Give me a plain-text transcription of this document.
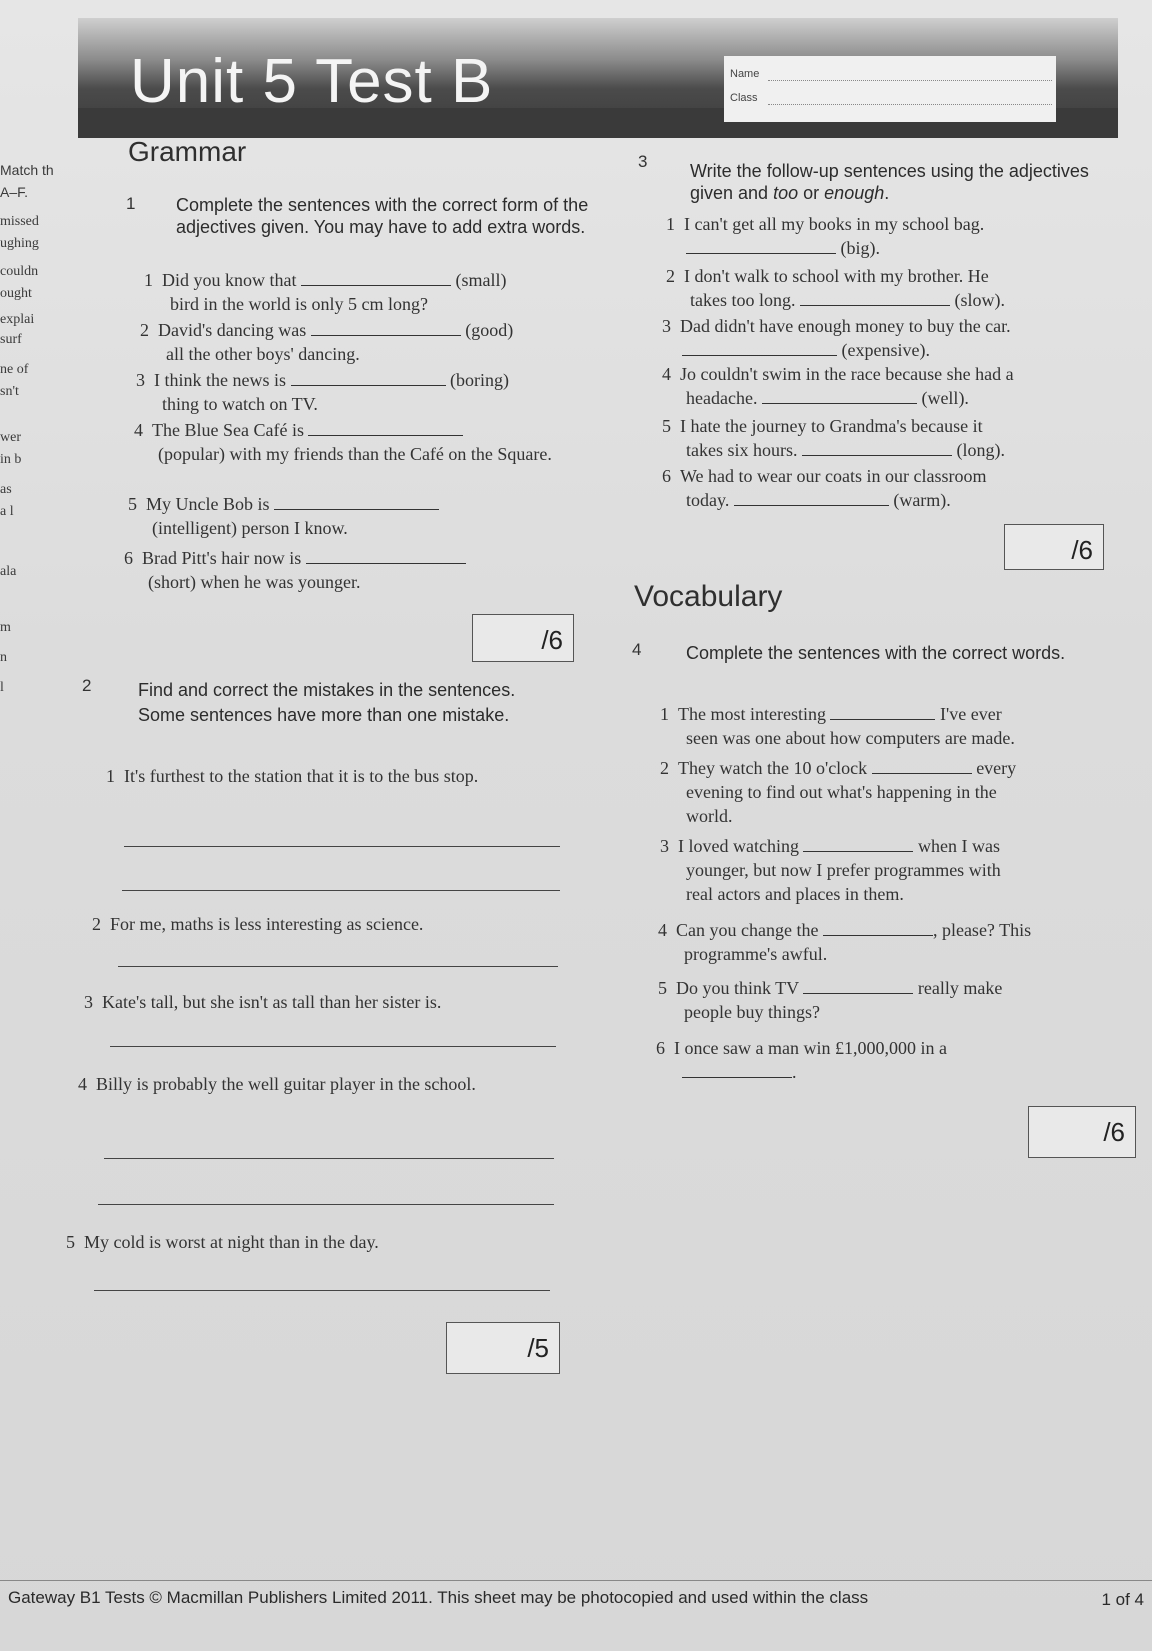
Unit 5 Test B	Name
Class
Match th
A–F.
missed
ughing
couldn
ought
explai
surf
ne of
sn't
wer
in b
as
a l
ala
m
n
l
Grammar
1 Complete the sentences with the correct form of the adjectives given. You may have to add extra words.
1 Did you know that	(small)
bird in the world is only 5 cm long?
2 David's dancing was	(good)
all the other boys' dancing.
3 I think the news is	(boring)
thing to watch on TV.
4 The Blue Sea Café is
(popular) with my friends than the Café on the Square.
5 My Uncle Bob is
(intelligent) person I know.
6 Brad Pitt's hair now is
(short) when he was younger.
/6
2	Find and correct the mistakes in the sentences. Some sentences have more than one mistake.
1 It's furthest to the station that it is to the bus stop.
2 For me, maths is less interesting as science.
3 Kate's tall, but she isn't as tall than her sister is.
4 Billy is probably the well guitar player in the school.
5 My cold is worst at night than in the day.
/5
3 Write the follow-up sentences using the adjectives given and too or enough.
1 I can't get all my books in my school bag.
(big).
2 I don't walk to school with my brother. He
takes too long.	(slow).
3 Dad didn't have enough money to buy the car.
(expensive).
4 Jo couldn't swim in the race because she had a
headache.	(well).
5 I hate the journey to Grandma's because it
takes six hours.	(long).
6 We had to wear our coats in our classroom
today.	(warm).
/6
Vocabulary
4 Complete the sentences with the correct words.
1 The most interesting	I've ever
seen was one about how computers are made.
2 They watch the 10 o'clock	every
evening to find out what's happening in the
world.
3 I loved watching	when I was
younger, but now I prefer programmes with
real actors and places in them.
4 Can you change the	, please? This
programme's awful.
5 Do you think TV	really make
people buy things?
6 I once saw a man win £1,000,000 in a
.
/6
Gateway B1 Tests © Macmillan Publishers Limited 2011. This sheet may be photocopied and used within the class	1 of 4
